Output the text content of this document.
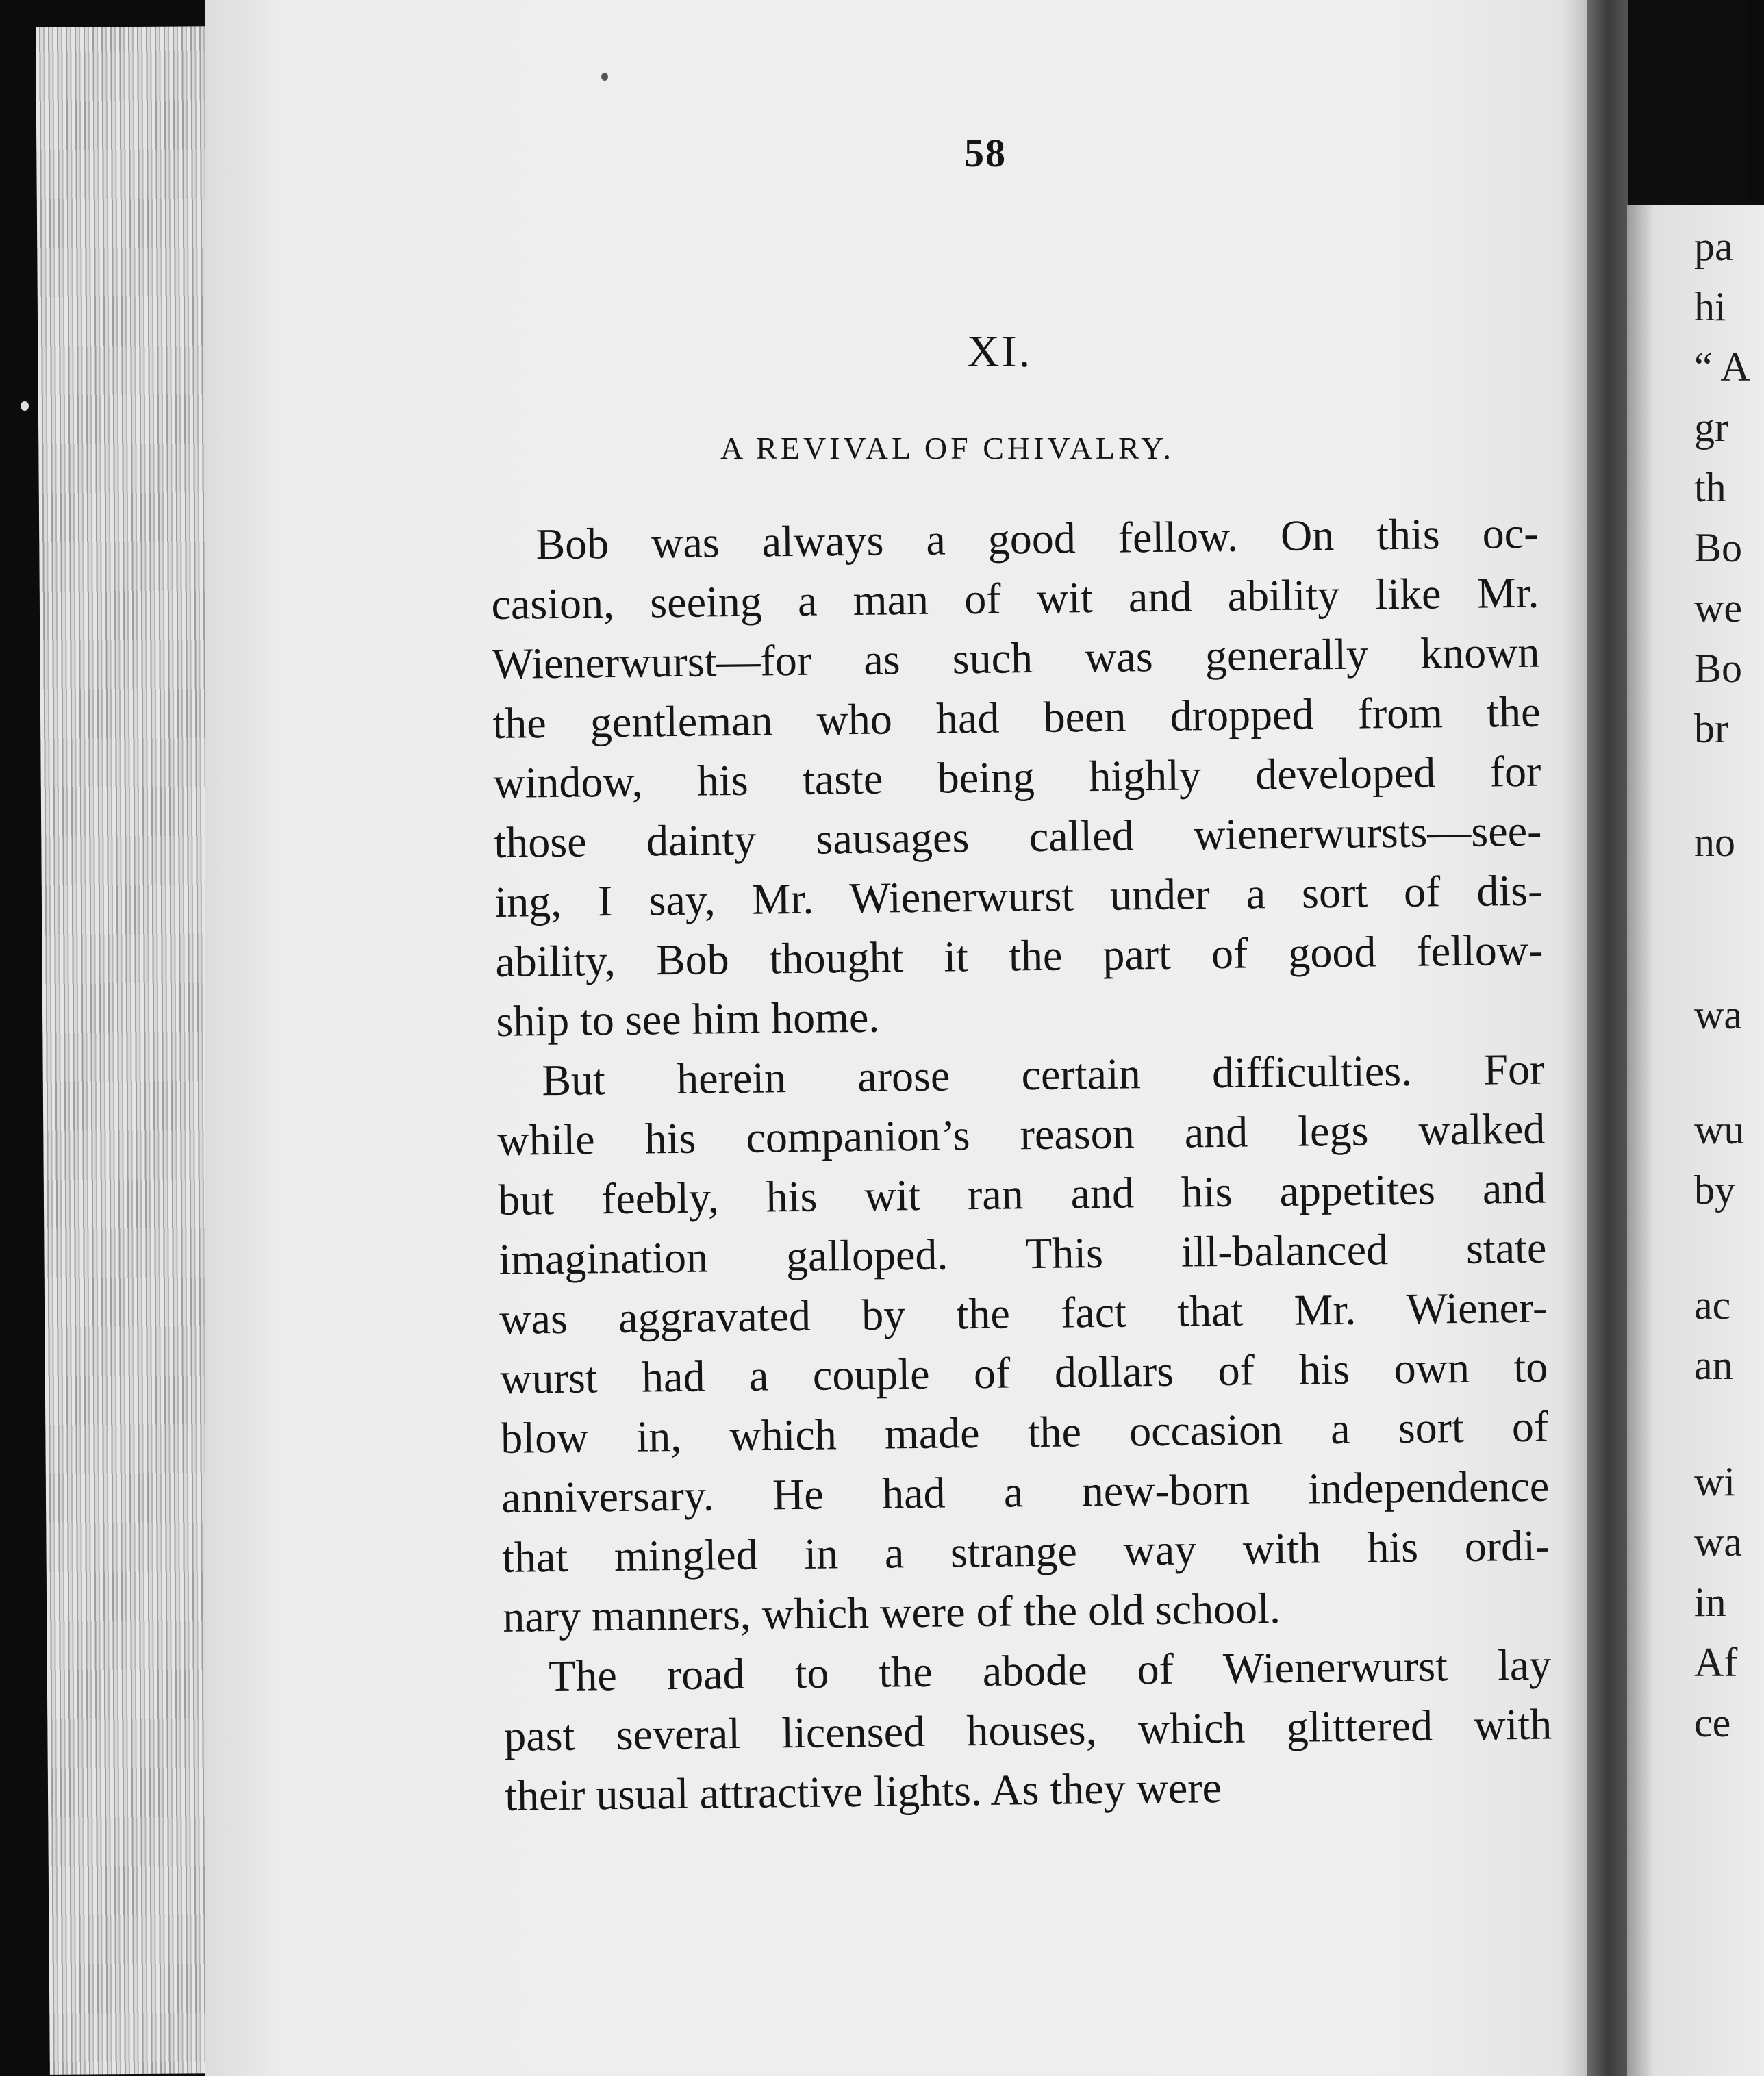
pa
hi
“ A
gr
th
Bo
we
Bo
br
no
wa
wu
by
ac
an
wi
wa
in
Af
ce
58
XI.
A REVIVAL OF CHIVALRY.
Bob was always a good fellow. On this oc-
casion, seeing a man of wit and ability like Mr.
Wienerwurst—for as such was generally known
the gentleman who had been dropped from the
window, his taste being highly developed for
those dainty sausages called wienerwursts—see-
ing, I say, Mr. Wienerwurst under a sort of dis-
ability, Bob thought it the part of good fellow-
ship to see him home.
But herein arose certain difficulties. For
while his companion’s reason and legs walked
but feebly, his wit ran and his appetites and
imagination galloped. This ill-balanced state
was aggravated by the fact that Mr. Wiener-
wurst had a couple of dollars of his own to
blow in, which made the occasion a sort of
anniversary. He had a new-born independence
that mingled in a strange way with his ordi-
nary manners, which were of the old school.
The road to the abode of Wienerwurst lay
past several licensed houses, which glittered with
their usual attractive lights. As they were
